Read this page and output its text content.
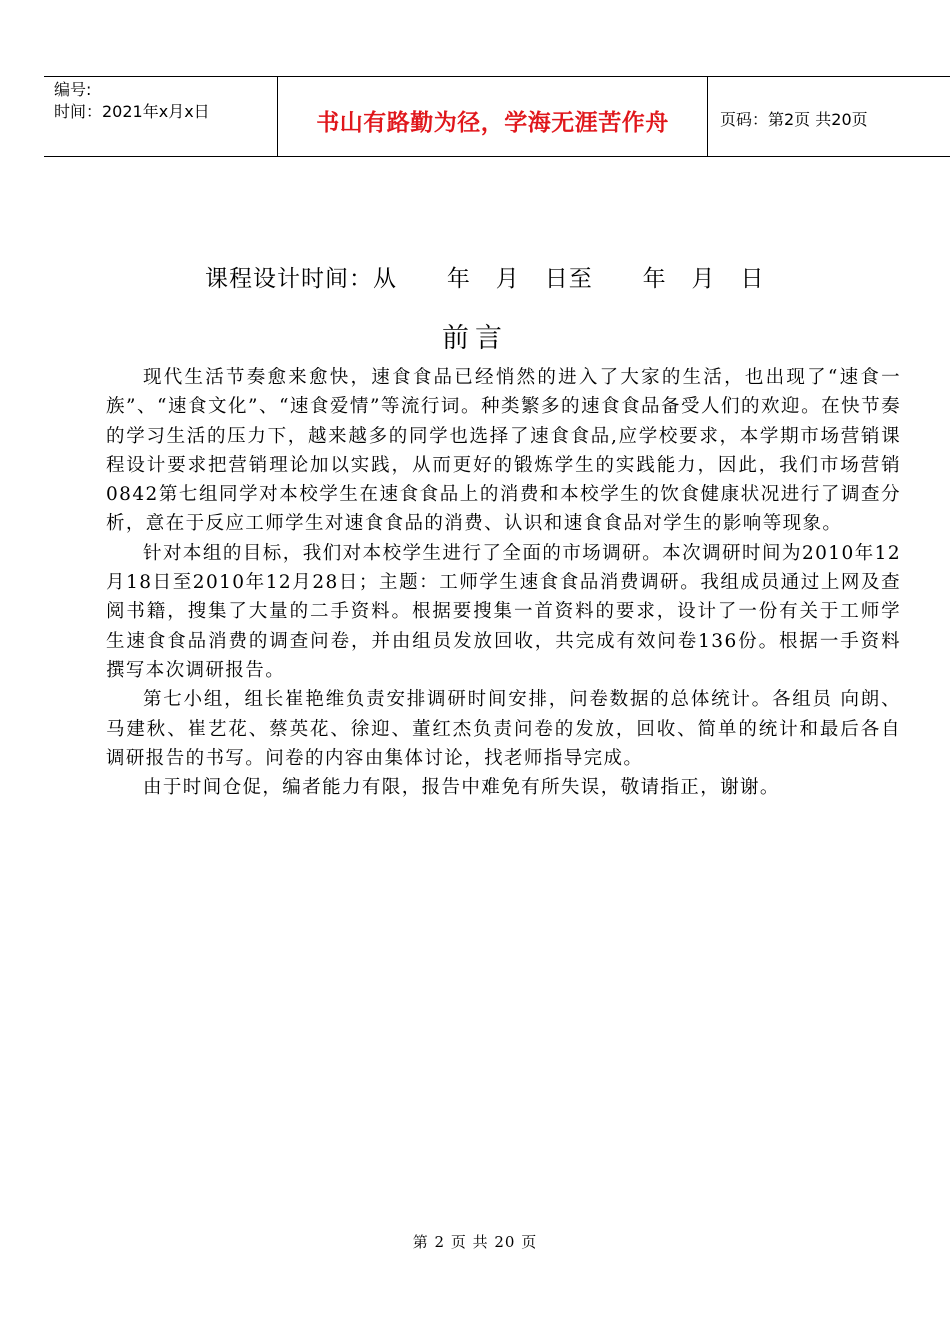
编号:
时间：2021年x月x日	书山有路勤为径，学海无涯苦作舟	页码：第2页 共20页
课程设计时间：从      年   月   日至      年   月   日
前言

现代生活节奏愈来愈快，速食食品已经悄然的进入了大家的生活，也出现了“速食一族”、“速食文化”、“速食爱情”等流行词。种类繁多的速食食品备受人们的欢迎。在快节奏的学习生活的压力下，越来越多的同学也选择了速食食品,应学校要求，本学期市场营销课程设计要求把营销理论加以实践，从而更好的锻炼学生的实践能力，因此，我们市场营销0842第七组同学对本校学生在速食食品上的消费和本校学生的饮食健康状况进行了调查分析，意在于反应工师学生对速食食品的消费、认识和速食食品对学生的影响等现象。

针对本组的目标，我们对本校学生进行了全面的市场调研。本次调研时间为2010年12月18日至2010年12月28日；主题：工师学生速食食品消费调研。我组成员通过上网及查阅书籍，搜集了大量的二手资料。根据要搜集一首资料的要求，设计了一份有关于工师学生速食食品消费的调查问卷，并由组员发放回收，共完成有效问卷136份。根据一手资料撰写本次调研报告。

第七小组，组长崔艳维负责安排调研时间安排，问卷数据的总体统计。各组员 向朗、马建秋、崔艺花、蔡英花、徐迎、董红杰负责问卷的发放，回收、简单的统计和最后各自调研报告的书写。问卷的内容由集体讨论，找老师指导完成。

由于时间仓促，编者能力有限，报告中难免有所失误，敬请指正，谢谢。

第 2 页 共 20 页
